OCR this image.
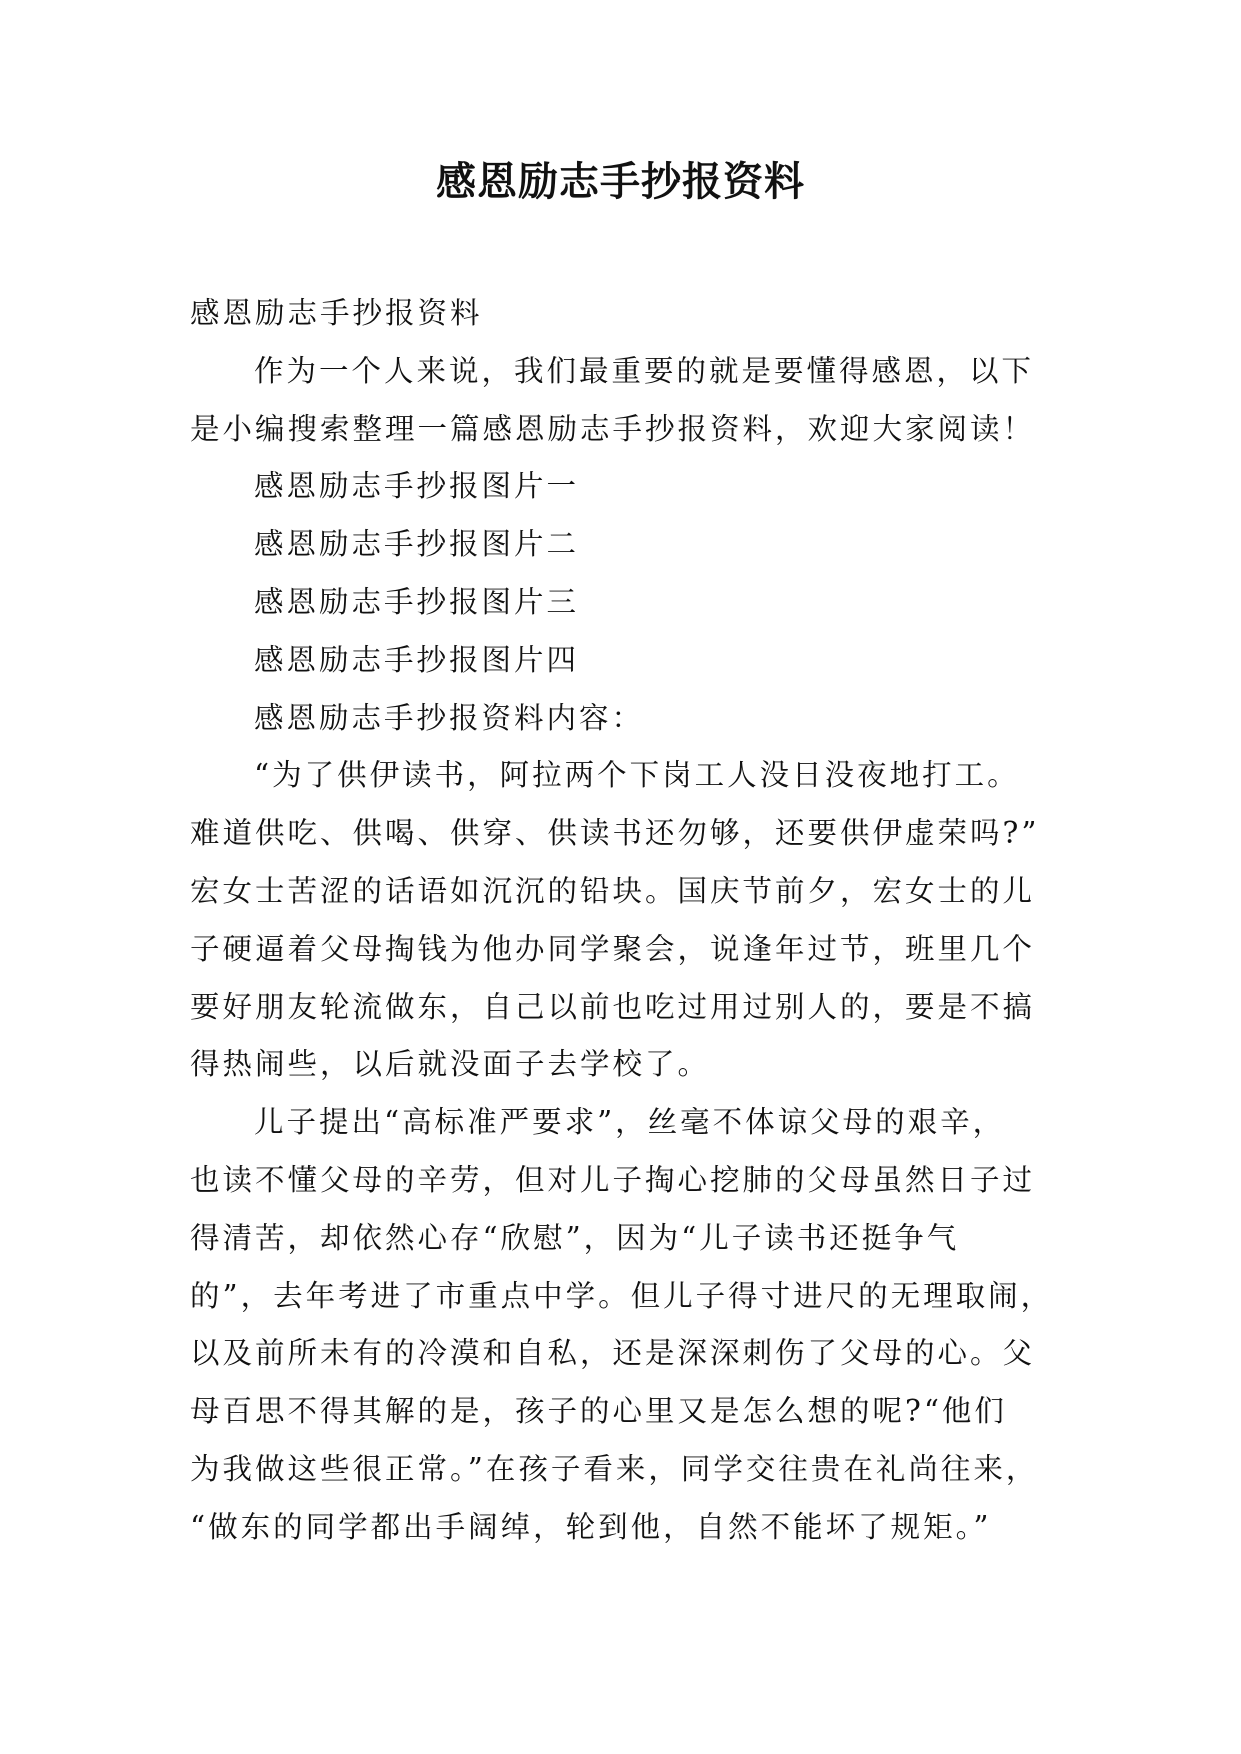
感恩励志手抄报资料

感恩励志手抄报资料

作为一个人来说，我们最重要的就是要懂得感恩，以下

是小编搜索整理一篇感恩励志手抄报资料，欢迎大家阅读！

感恩励志手抄报图片一

感恩励志手抄报图片二

感恩励志手抄报图片三

感恩励志手抄报图片四

感恩励志手抄报资料内容：

“为了供伊读书，阿拉两个下岗工人没日没夜地打工。

难道供吃、供喝、供穿、供读书还勿够，还要供伊虚荣吗?”

宏女士苦涩的话语如沉沉的铅块。国庆节前夕，宏女士的儿

子硬逼着父母掏钱为他办同学聚会，说逢年过节，班里几个

要好朋友轮流做东，自己以前也吃过用过别人的，要是不搞

得热闹些，以后就没面子去学校了。

儿子提出“高标准严要求”，丝毫不体谅父母的艰辛，

也读不懂父母的辛劳，但对儿子掏心挖肺的父母虽然日子过

得清苦，却依然心存“欣慰”，因为“儿子读书还挺争气

的”，去年考进了市重点中学。但儿子得寸进尺的无理取闹，

以及前所未有的冷漠和自私，还是深深刺伤了父母的心。父

母百思不得其解的是，孩子的心里又是怎么想的呢?“他们

为我做这些很正常。”在孩子看来，同学交往贵在礼尚往来，

“做东的同学都出手阔绰，轮到他，自然不能坏了规矩。”
